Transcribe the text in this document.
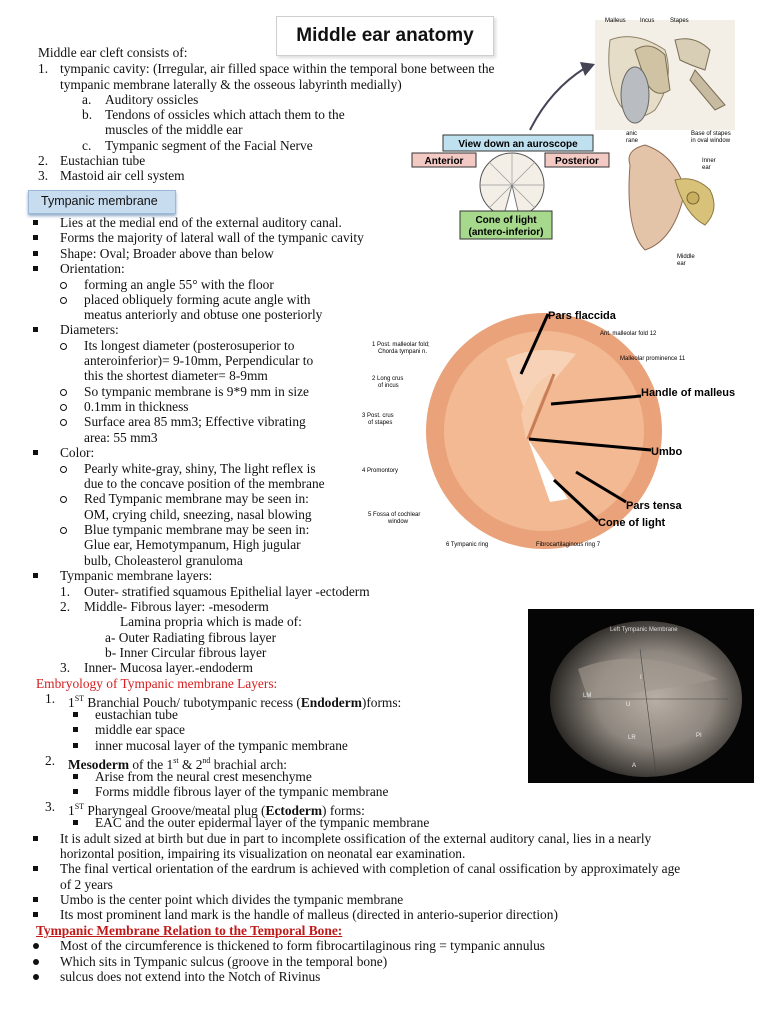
Middle ear anatomy
Middle ear cleft consists of:
1. tympanic cavity: (Irregular, air filled space within the temporal bone between the
tympanic membrane laterally & the osseous labyrinth medially)
a. Auditory ossicles
b. Tendons of ossicles which attach them to the
muscles of the middle ear
c. Tympanic segment of the Facial Nerve
2. Eustachian tube
3. Mastoid air cell system
Tympanic membrane
Lies at the medial end of the external auditory canal.
Forms the majority of lateral wall of the tympanic cavity
Shape: Oval; Broader above than below
Orientation:
forming an angle 55° with the floor
placed obliquely forming acute angle with
meatus anteriorly and obtuse one posteriorly
Diameters:
Its longest diameter (posterosuperior to
anteroinferior)= 9-10mm, Perpendicular to
this the shortest diameter= 8-9mm
So tympanic membrane is 9*9 mm in size
0.1mm in thickness
Surface area 85 mm3; Effective vibrating
area: 55 mm3
Color:
Pearly white-gray, shiny, The light reflex is
due to the concave position of the membrane
Red Tympanic membrane may be seen in:
OM, crying child, sneezing, nasal blowing
Blue tympanic membrane may be seen in:
Glue ear, Hemotympanum, High jugular
bulb, Choleasterol granuloma
Tympanic membrane layers:
Malleus Incus	Stapes
anic
rane
Base of stapes
in oval window
Inner
ear
Middle
ear
View down an auroscope
Anterior	Posterior
Cone of light
(antero-inferior)
Pars flaccida
Handle of malleus
Umbo
Pars tensa
Cone of light
1 Post. malleolar fold;
Chorda tympani n.
2 Long crus
of incus
3 Post. crus
of stapes
4 Promontory
5 Fossa of cochlear
window
6 Tympanic ring	Fibrocartilaginous ring 7
Ant. malleolar fold 12
Malleolar prominence 11
Left Tympanic Membrane
I
U
LM
LR	PI
A
1. Outer- stratified squamous Epithelial layer -ectoderm
2. Middle- Fibrous layer: -mesoderm
Lamina propria which is made of:
a- Outer Radiating fibrous layer
b- Inner Circular fibrous layer
3. Inner- Mucosa layer.-endoderm
Embryology of Tympanic membrane Layers:
1. 1ST Branchial Pouch/ tubotympanic recess (Endoderm)forms:
eustachian tube
middle ear space
inner mucosal layer of the tympanic membrane
2. Mesoderm of the 1st & 2nd brachial arch:
Arise from the neural crest mesenchyme
Forms middle fibrous layer of the tympanic membrane
3. 1ST Pharyngeal Groove/meatal plug (Ectoderm) forms:
EAC and the outer epidermal layer of the tympanic membrane
It is adult sized at birth but due in part to incomplete ossification of the external auditory canal, lies in a nearly
horizontal position, impairing its visualization on neonatal ear examination.
The final vertical orientation of the eardrum is achieved with completion of canal ossification by approximately age
of 2 years
Umbo is the center point which divides the tympanic membrane
Its most prominent land mark is the handle of malleus (directed in anterio-superior direction)
Tympanic Membrane Relation to the Temporal Bone:
Most of the circumference is thickened to form fibrocartilaginous ring = tympanic annulus
Which sits in Tympanic sulcus (groove in the temporal bone)
sulcus does not extend into the Notch of Rivinus
